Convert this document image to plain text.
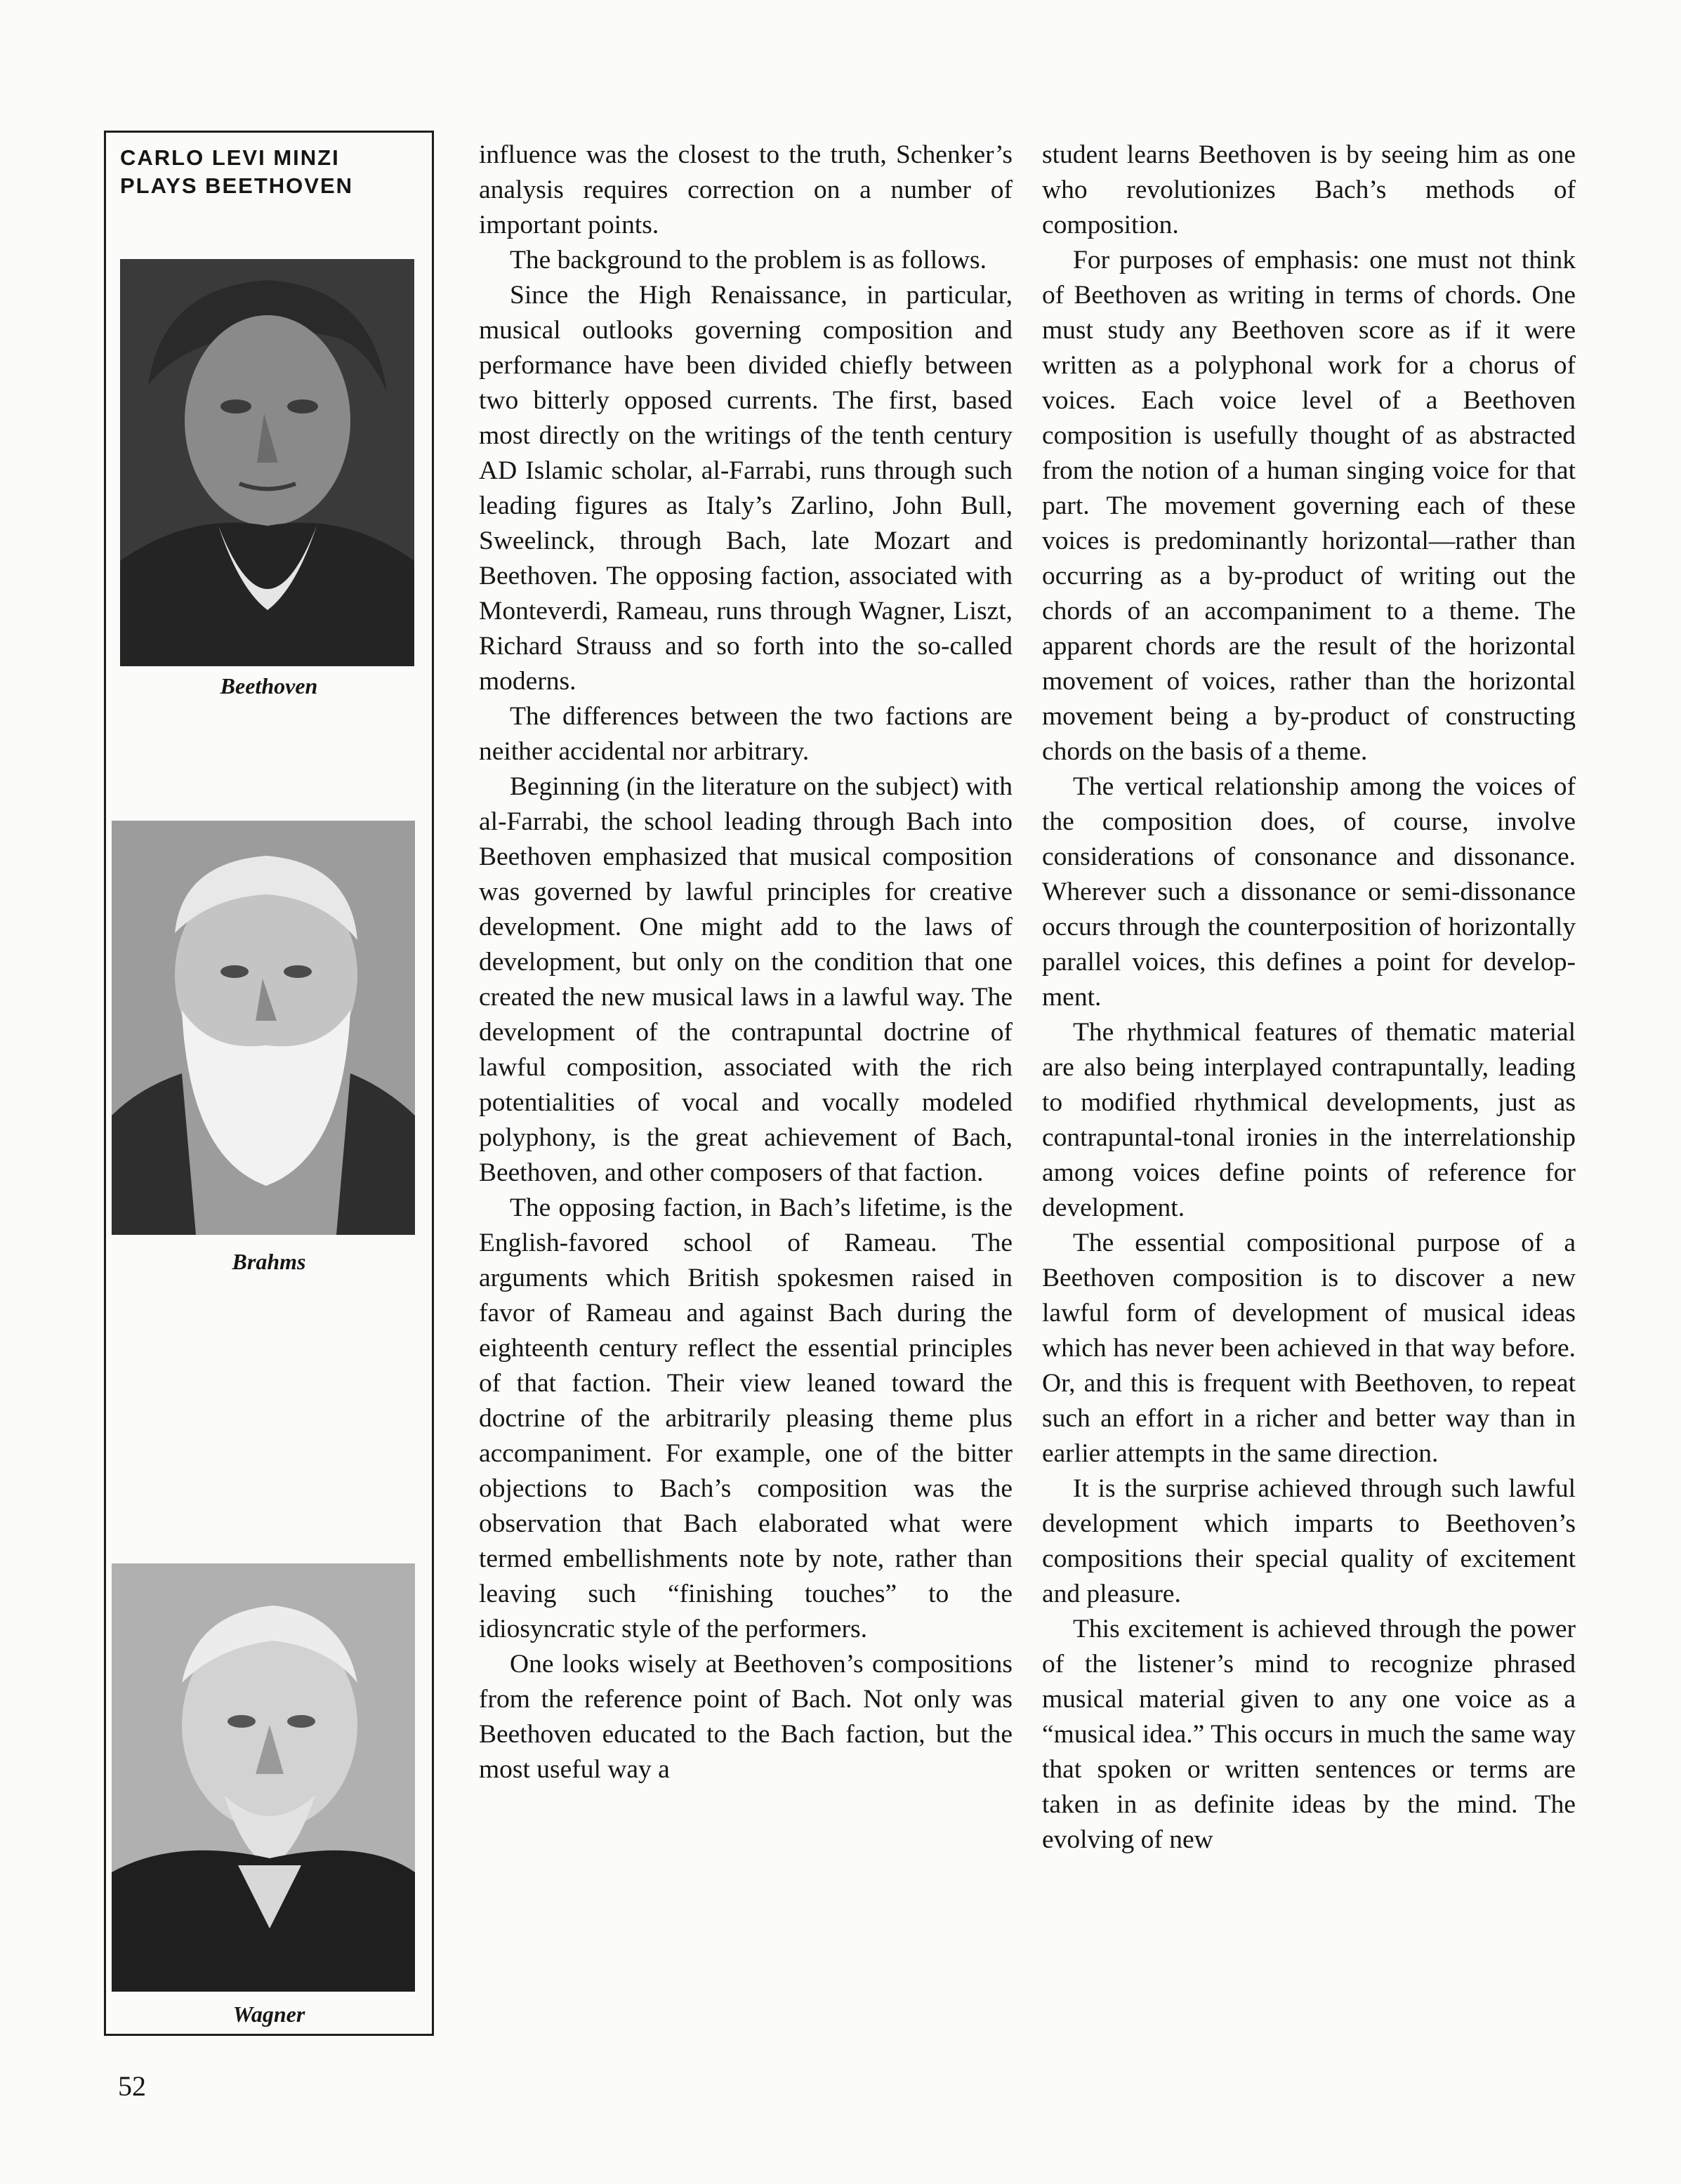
CARLO LEVI MINZI
PLAYS BEETHOVEN
Beethoven
Brahms
Wagner

influence was the closest to the truth, Schenker’s analysis requires correction on a number of important points.

The background to the problem is as follows.

Since the High Renaissance, in particular, musical outlooks governing composition and performance have been divided chiefly between two bitterly opposed currents. The first, based most directly on the writings of the tenth century AD Islamic scholar, al-Farrabi, runs through such leading figures as Italy’s Zarlino, John Bull, Sweelinck, through Bach, late Mozart and Beethoven. The opposing faction, associated with Monteverdi, Rameau, runs through Wagner, Liszt, Richard Strauss and so forth into the so-called moderns.

The differences between the two factions are neither accidental nor arbitrary.

Beginning (in the literature on the subject) with al-Farrabi, the school leading through Bach into Beethoven emphasized that musical composition was governed by lawful principles for creative development. One might add to the laws of development, but only on the condition that one created the new musical laws in a lawful way. The development of the contrapuntal doctrine of lawful composition, associated with the rich potentialities of vocal and vocally modeled polyphony, is the great achievement of Bach, Beethoven, and other composers of that faction.

The opposing faction, in Bach’s lifetime, is the English-favored school of Rameau. The arguments which British spokesmen raised in favor of Rameau and against Bach during the eighteenth century reflect the essential principles of that faction. Their view leaned toward the doctrine of the arbitrarily pleasing theme plus accompaniment. For example, one of the bitter objections to Bach’s composition was the observation that Bach elaborated what were termed embellishments note by note, rather than leaving such “finishing touches” to the idiosyncratic style of the performers.

One looks wisely at Beethoven’s compositions from the reference point of Bach. Not only was Beethoven educated to the Bach faction, but the most useful way a

student learns Beethoven is by seeing him as one who revolutionizes Bach’s methods of composition.

For purposes of emphasis: one must not think of Beethoven as writing in terms of chords. One must study any Beethoven score as if it were written as a polyphonal work for a chorus of voices. Each voice level of a Beethoven composition is usefully thought of as abstracted from the notion of a human singing voice for that part. The movement governing each of these voices is predominantly horizontal—rather than occurring as a by-product of writing out the chords of an accompaniment to a theme. The apparent chords are the result of the horizontal movement of voices, rather than the horizontal movement being a by-product of constructing chords on the basis of a theme.

The vertical relationship among the voices of the composition does, of course, involve considerations of consonance and dissonance. Wherever such a dissonance or semi-dissonance occurs through the counterposition of horizontally parallel voices, this defines a point for development.

The rhythmical features of thematic material are also being interplayed contrapuntally, leading to modified rhythmical developments, just as contrapuntal-tonal ironies in the interrelationship among voices define points of reference for development.

The essential compositional purpose of a Beethoven composition is to discover a new lawful form of development of musical ideas which has never been achieved in that way before. Or, and this is frequent with Beethoven, to repeat such an effort in a richer and better way than in earlier attempts in the same direction.

It is the surprise achieved through such lawful development which imparts to Beethoven’s compositions their special quality of excitement and pleasure.

This excitement is achieved through the power of the listener’s mind to recognize phrased musical material given to any one voice as a “musical idea.” This occurs in much the same way that spoken or written sentences or terms are taken in as definite ideas by the mind. The evolving of new

52
